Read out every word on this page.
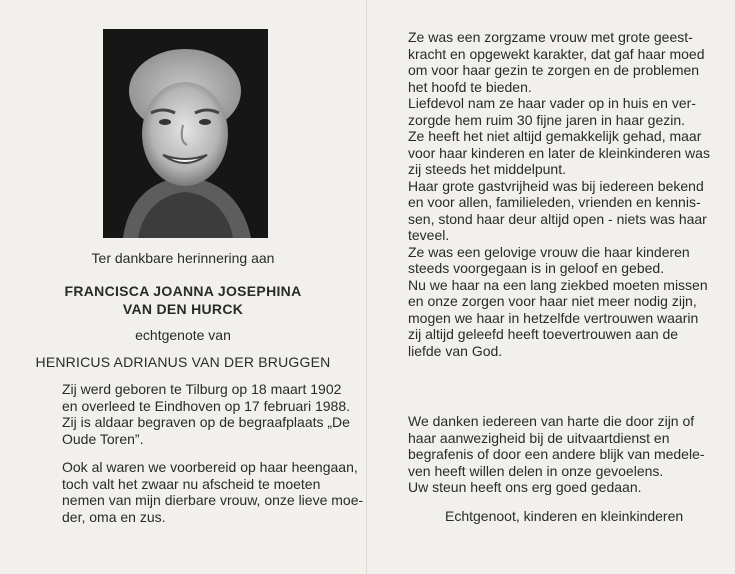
Ter dankbare herinnering aan
FRANCISCA JOANNA JOSEPHINA
VAN DEN HURCK
echtgenote van
HENRICUS ADRIANUS VAN DER BRUGGEN
Zij werd geboren te Tilburg op 18 maart 1902
en overleed te Eindhoven op 17 februari 1988.
Zij is aldaar begraven op de begraafplaats „De
Oude Toren”.
Ook al waren we voorbereid op haar heengaan,
toch valt het zwaar nu afscheid te moeten
nemen van mijn dierbare vrouw, onze lieve moe-
der, oma en zus.
Ze was een zorgzame vrouw met grote geest-
kracht en opgewekt karakter, dat gaf haar moed
om voor haar gezin te zorgen en de problemen
het hoofd te bieden.
Liefdevol nam ze haar vader op in huis en ver-
zorgde hem ruim 30 fijne jaren in haar gezin.
Ze heeft het niet altijd gemakkelijk gehad, maar
voor haar kinderen en later de kleinkinderen was
zij steeds het middelpunt.
Haar grote gastvrijheid was bij iedereen bekend
en voor allen, familieleden, vrienden en kennis-
sen, stond haar deur altijd open - niets was haar
teveel.
Ze was een gelovige vrouw die haar kinderen
steeds voorgegaan is in geloof en gebed.
Nu we haar na een lang ziekbed moeten missen
en onze zorgen voor haar niet meer nodig zijn,
mogen we haar in hetzelfde vertrouwen waarin
zij altijd geleefd heeft toevertrouwen aan de
liefde van God.
We danken iedereen van harte die door zijn of
haar aanwezigheid bij de uitvaartdienst en
begrafenis of door een andere blijk van medele-
ven heeft willen delen in onze gevoelens.
Uw steun heeft ons erg goed gedaan.
Echtgenoot, kinderen en kleinkinderen
